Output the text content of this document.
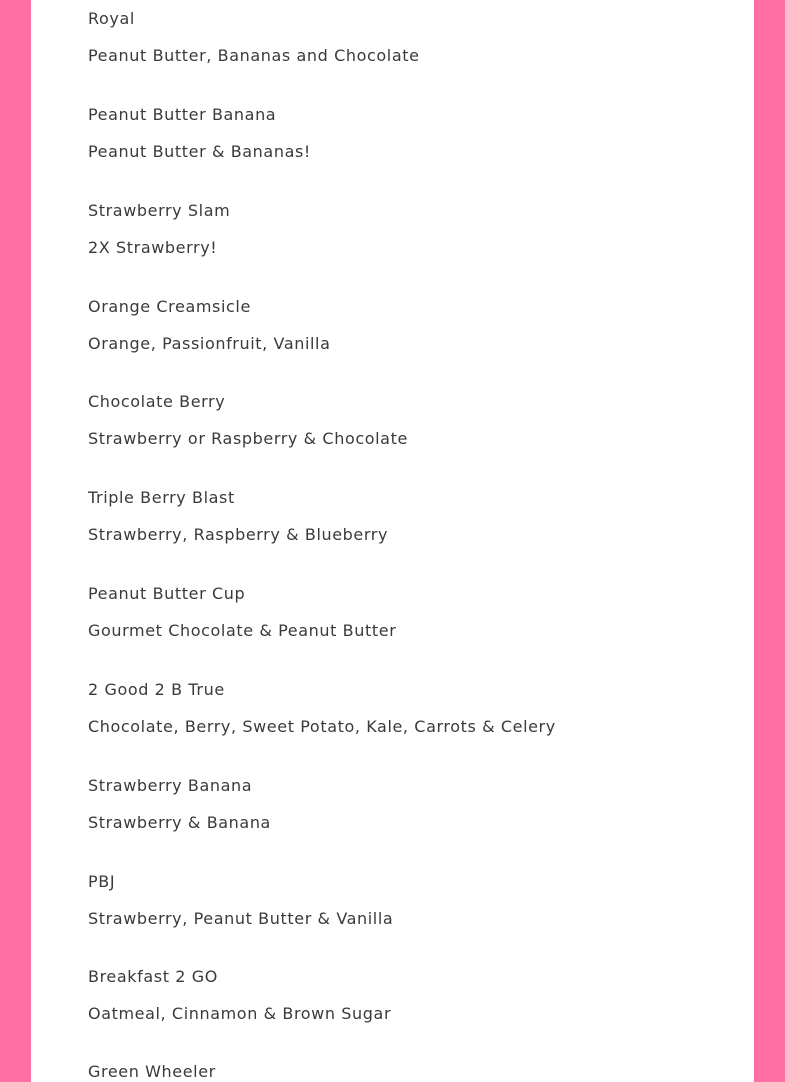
Royal
Peanut Butter, Bananas and Chocolate
Peanut Butter Banana
Peanut Butter & Bananas!
Strawberry Slam
2X Strawberry!
Orange Creamsicle
Orange, Passionfruit, Vanilla
Chocolate Berry
Strawberry or Raspberry & Chocolate
Triple Berry Blast
Strawberry, Raspberry & Blueberry
Peanut Butter Cup
Gourmet Chocolate & Peanut Butter
2 Good 2 B True
Chocolate, Berry, Sweet Potato, Kale, Carrots & Celery
Strawberry Banana
Strawberry & Banana
PBJ
Strawberry, Peanut Butter & Vanilla
Breakfast 2 GO
Oatmeal, Cinnamon & Brown Sugar
Green Wheeler
